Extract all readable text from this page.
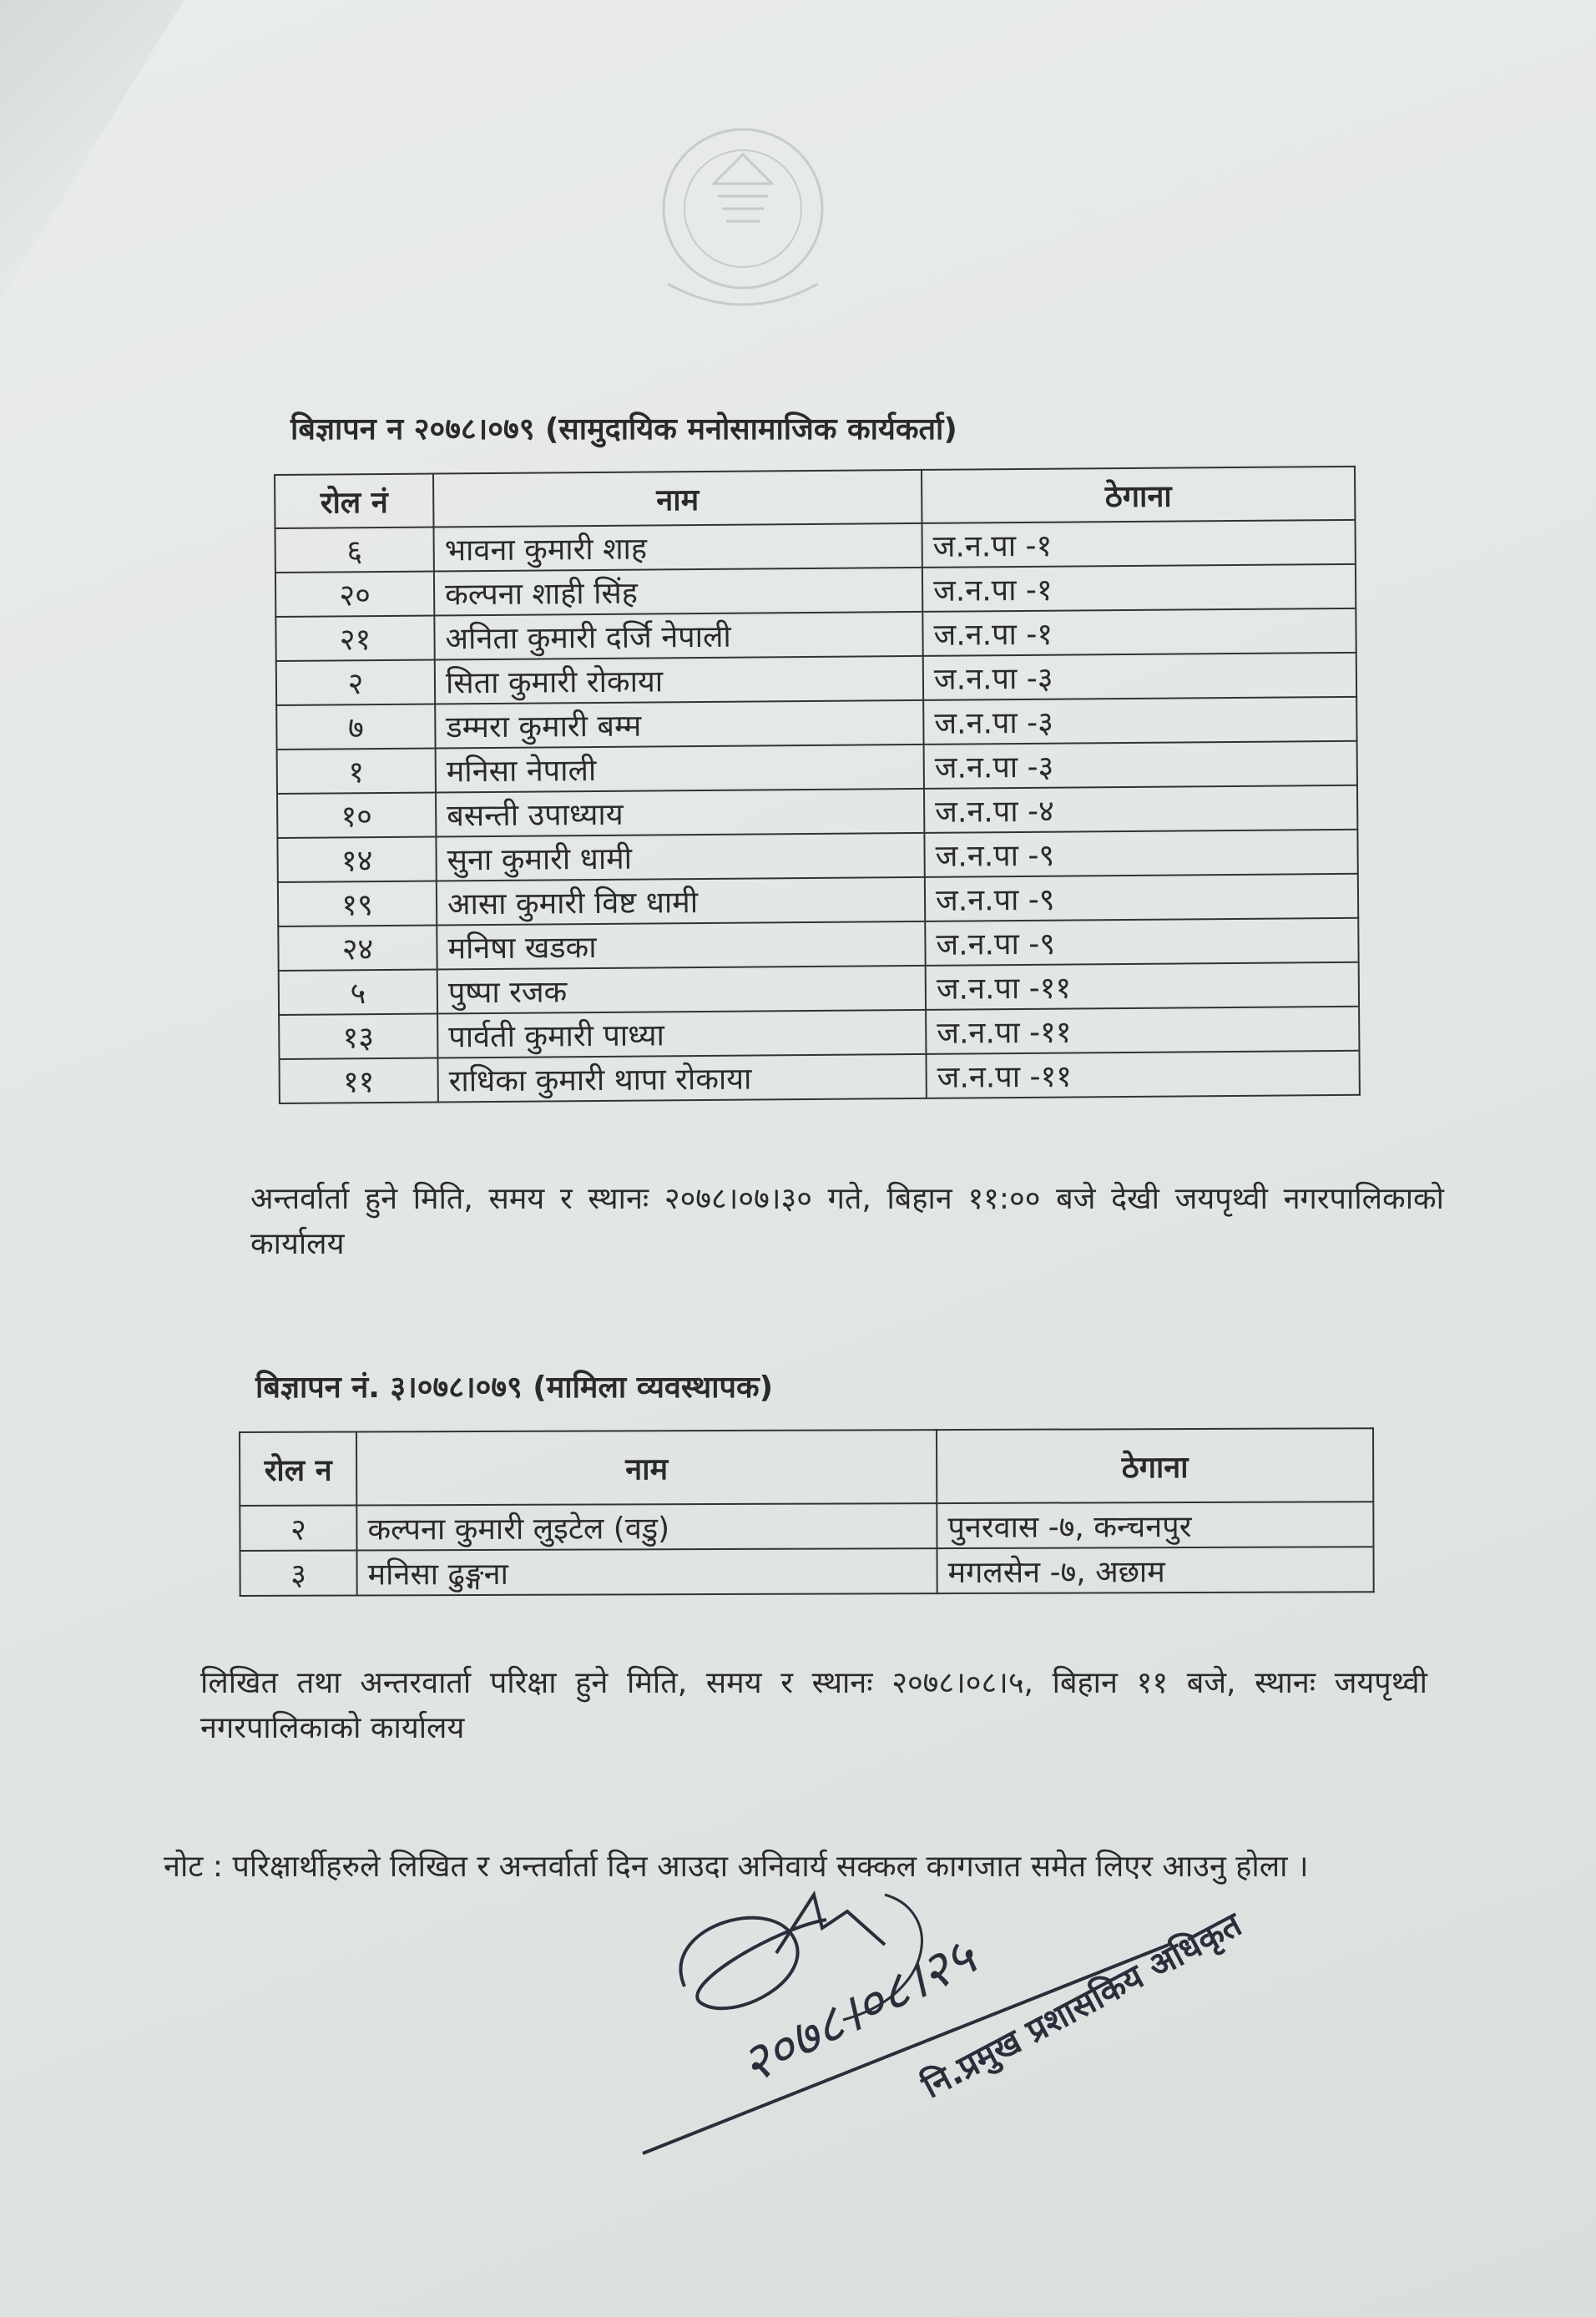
बिज्ञापन न २०७८।०७९ (सामुदायिक मनोसामाजिक कार्यकर्ता)
रोल नं	नाम	ठेगाना
६	भावना कुमारी शाह	ज.न.पा -१
२०	कल्पना शाही सिंह	ज.न.पा -१
२१	अनिता कुमारी दर्जि नेपाली	ज.न.पा -१
२	सिता कुमारी रोकाया	ज.न.पा -३
७	डम्मरा कुमारी बम्म	ज.न.पा -३
१	मनिसा नेपाली	ज.न.पा -३
१०	बसन्ती उपाध्याय	ज.न.पा -४
१४	सुना कुमारी धामी	ज.न.पा -९
१९	आसा कुमारी विष्ट धामी	ज.न.पा -९
२४	मनिषा खडका	ज.न.पा -९
५	पुष्पा रजक	ज.न.पा -११
१३	पार्वती कुमारी पाध्या	ज.न.पा -११
११	राधिका कुमारी थापा रोकाया	ज.न.पा -११
अन्तर्वार्ता हुने मिति, समय र स्थानः २०७८।०७।३० गते, बिहान ११:०० बजे देखी जयपृथ्वी नगरपालिकाको कार्यालय
बिज्ञापन नं. ३।०७८।०७९ (मामिला व्यवस्थापक)
रोल न	नाम	ठेगाना
२	कल्पना कुमारी लुइटेल (वडु)	पुनरवास -७, कन्चनपुर
३	मनिसा ढुङ्गना	मगलसेन -७, अछाम
लिखित तथा अन्तरवार्ता परिक्षा हुने मिति, समय र स्थानः २०७८।०८।५, बिहान ११ बजे, स्थानः जयपृथ्वी नगरपालिकाको कार्यालय
नोट : परिक्षार्थीहरुले लिखित र अन्तर्वार्ता दिन आउदा अनिवार्य सक्कल कागजात समेत लिएर आउनु होला ।
२०७८।०८।२५
नि.प्रमुख प्रशासकिय अधिकृत
